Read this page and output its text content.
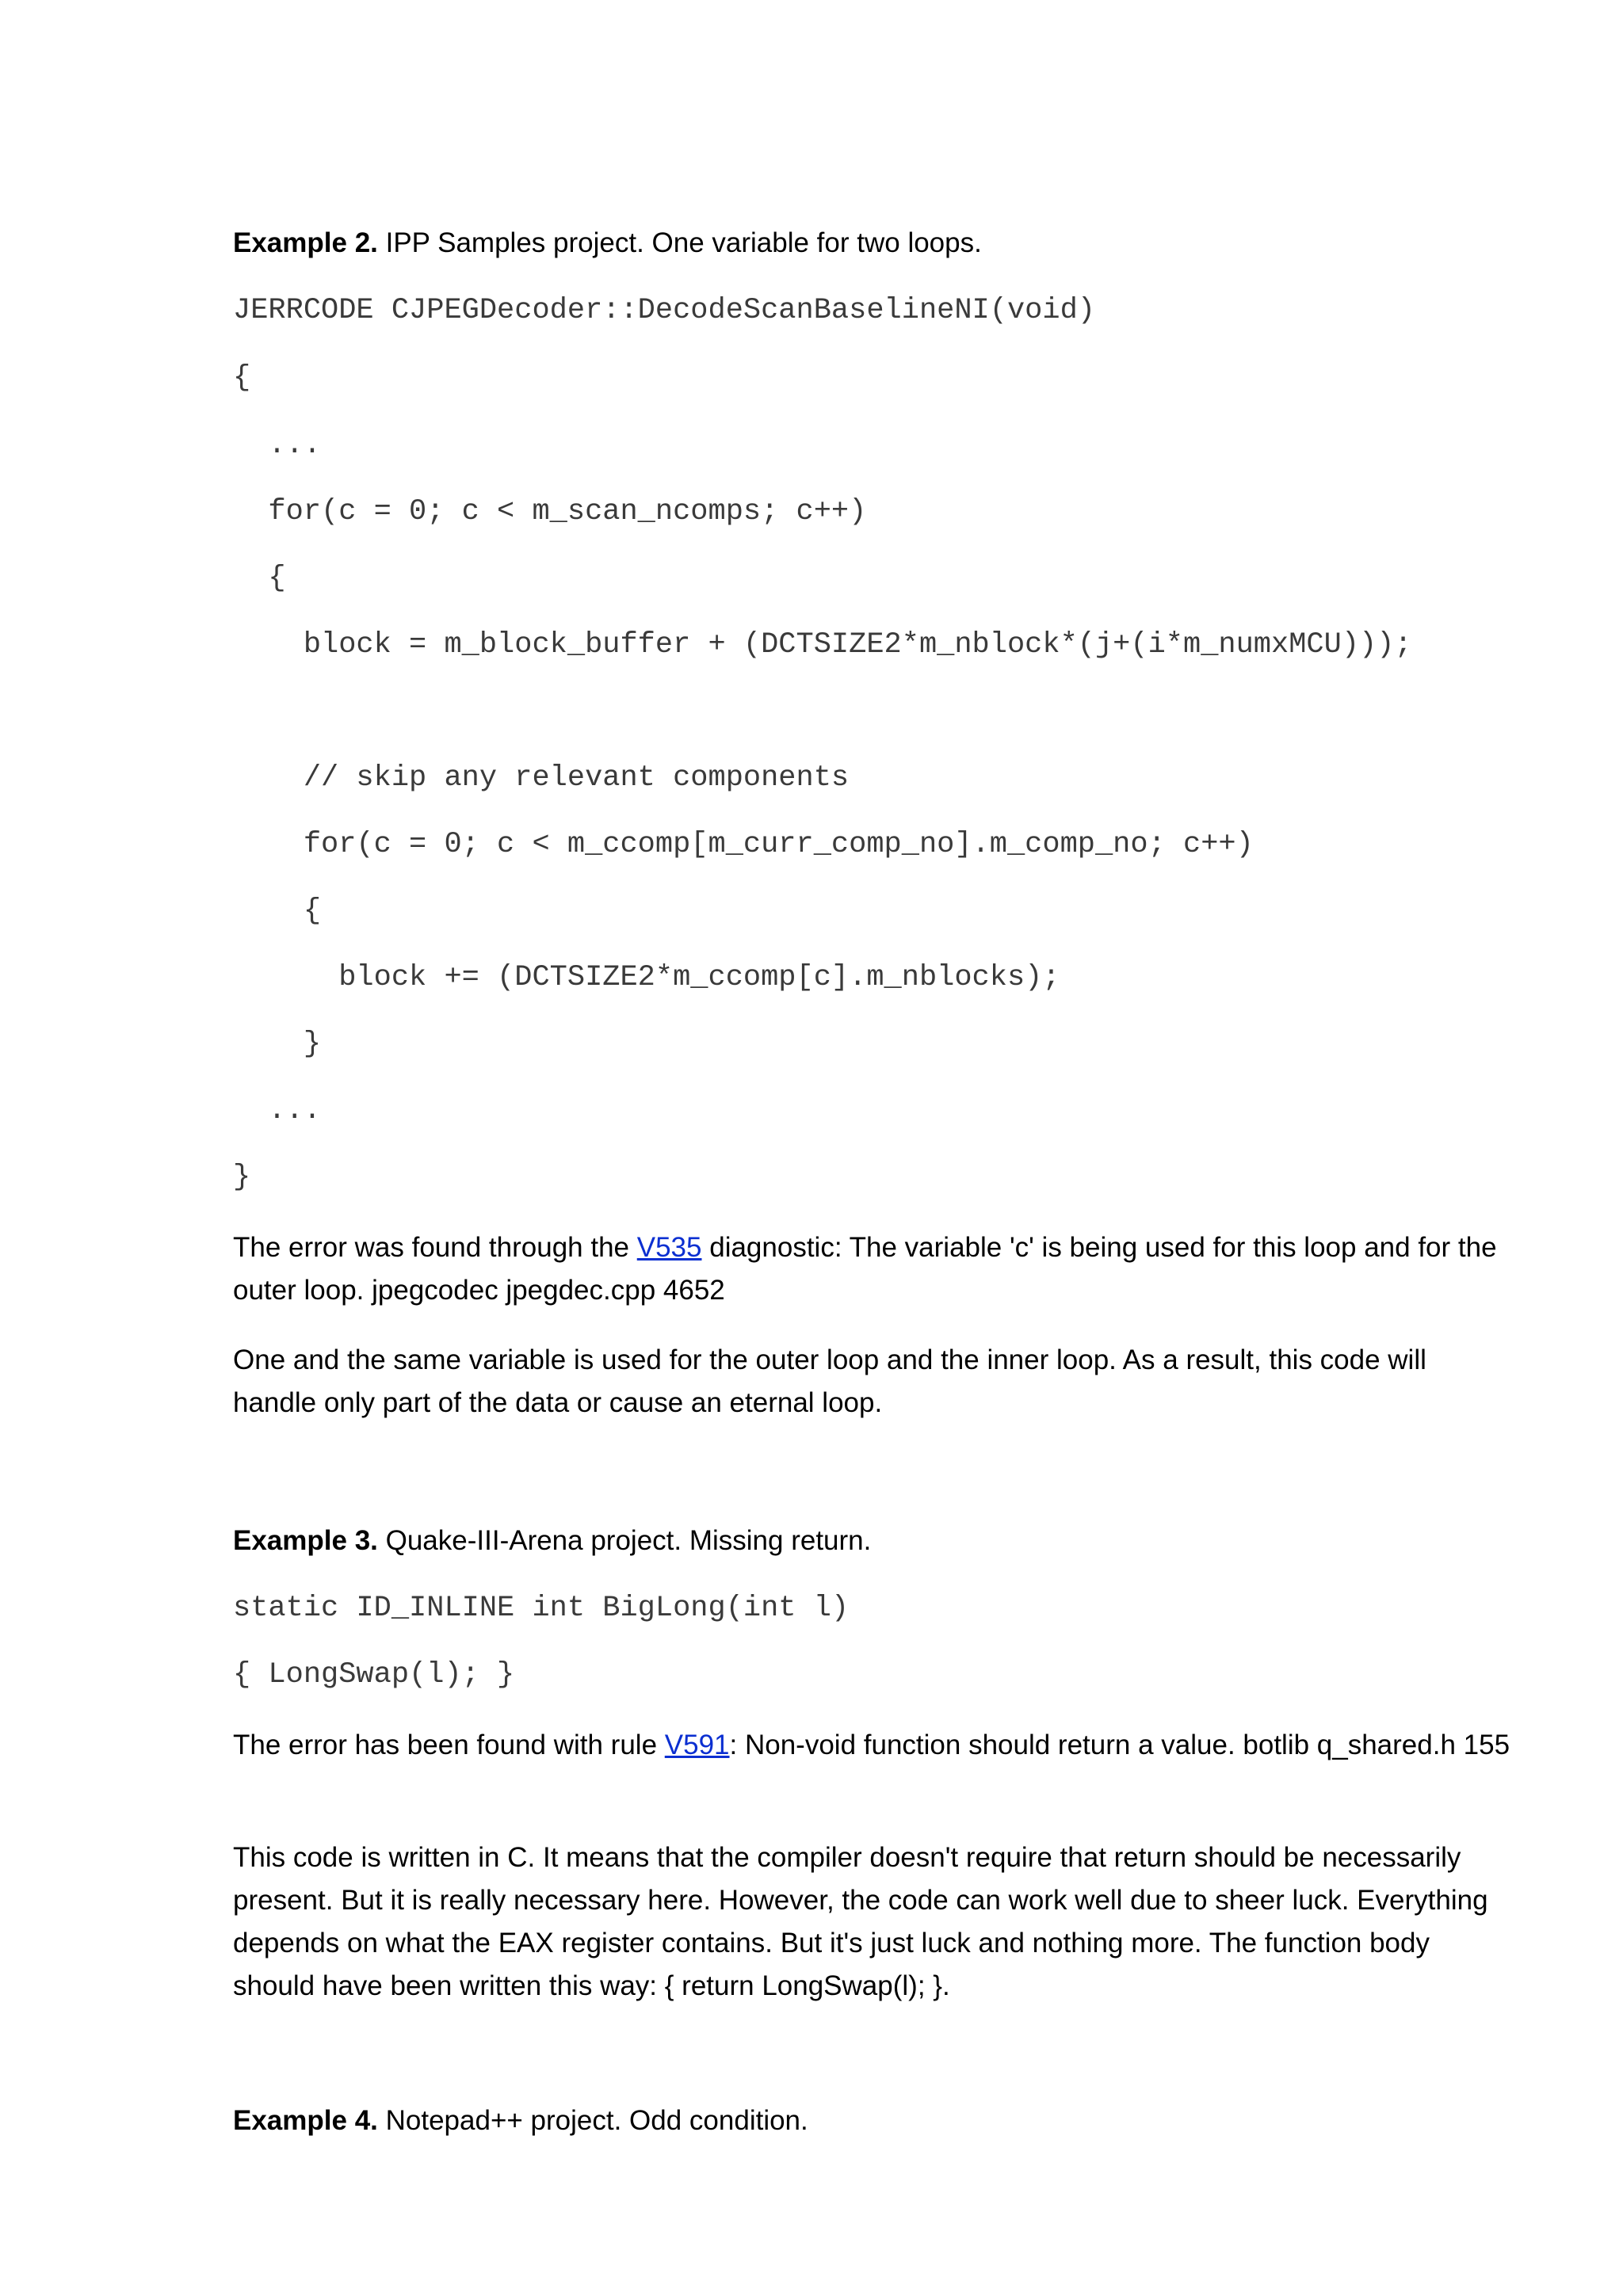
Example 2. IPP Samples project. One variable for two loops.

JERRCODE CJPEGDecoder::DecodeScanBaselineNI(void)
{
...
for(c = 0; c < m_scan_ncomps; c++)
{
block = m_block_buffer + (DCTSIZE2*m_nblock*(j+(i*m_numxMCU)));
// skip any relevant components
for(c = 0; c < m_ccomp[m_curr_comp_no].m_comp_no; c++)
{
block += (DCTSIZE2*m_ccomp[c].m_nblocks);
}
...
}

The error was found through the V535 diagnostic: The variable 'c' is being used for this loop and for the outer loop. jpegcodec jpegdec.cpp 4652

One and the same variable is used for the outer loop and the inner loop. As a result, this code will handle only part of the data or cause an eternal loop.

Example 3. Quake-III-Arena project. Missing return.

static ID_INLINE int BigLong(int l)
{ LongSwap(l); }

The error has been found with rule V591: Non-void function should return a value. botlib q_shared.h 155

This code is written in C. It means that the compiler doesn't require that return should be necessarily present. But it is really necessary here. However, the code can work well due to sheer luck. Everything depends on what the EAX register contains. But it's just luck and nothing more. The function body should have been written this way: { return LongSwap(l); }.

Example 4. Notepad++ project. Odd condition.
